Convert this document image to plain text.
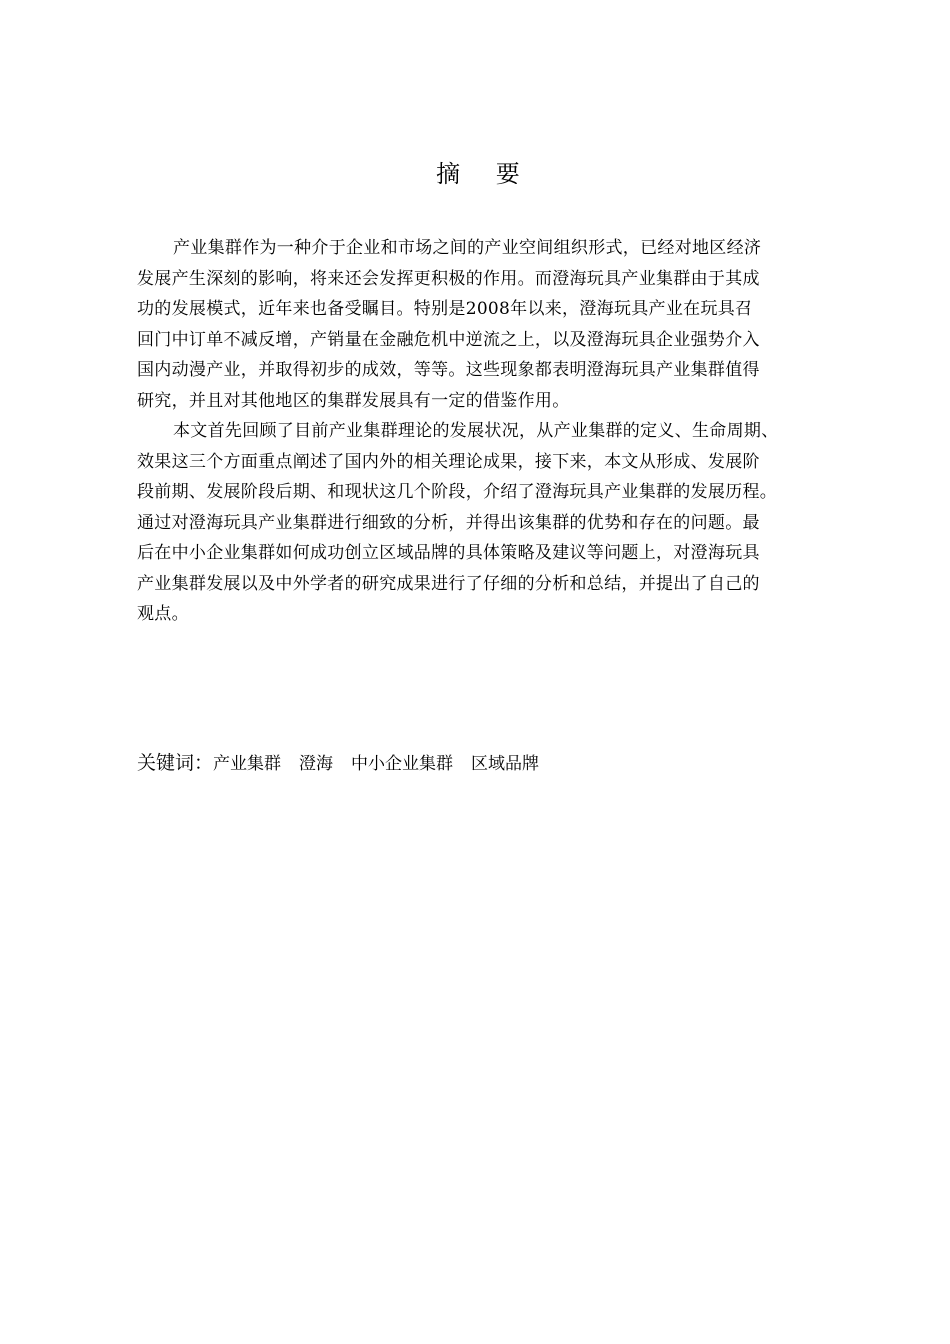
摘 要
产业集群作为一种介于企业和市场之间的产业空间组织形式，已经对地区经济
发展产生深刻的影响，将来还会发挥更积极的作用。而澄海玩具产业集群由于其成
功的发展模式，近年来也备受瞩目。特别是2008年以来，澄海玩具产业在玩具召
回门中订单不减反增，产销量在金融危机中逆流之上，以及澄海玩具企业强势介入
国内动漫产业，并取得初步的成效，等等。这些现象都表明澄海玩具产业集群值得
研究，并且对其他地区的集群发展具有一定的借鉴作用。
本文首先回顾了目前产业集群理论的发展状况，从产业集群的定义、生命周期、
效果这三个方面重点阐述了国内外的相关理论成果，接下来，本文从形成、发展阶
段前期、发展阶段后期、和现状这几个阶段，介绍了澄海玩具产业集群的发展历程。
通过对澄海玩具产业集群进行细致的分析，并得出该集群的优势和存在的问题。最
后在中小企业集群如何成功创立区域品牌的具体策略及建议等问题上，对澄海玩具
产业集群发展以及中外学者的研究成果进行了仔细的分析和总结，并提出了自己的
观点。
关键词：产业集群 澄海 中小企业集群 区域品牌
